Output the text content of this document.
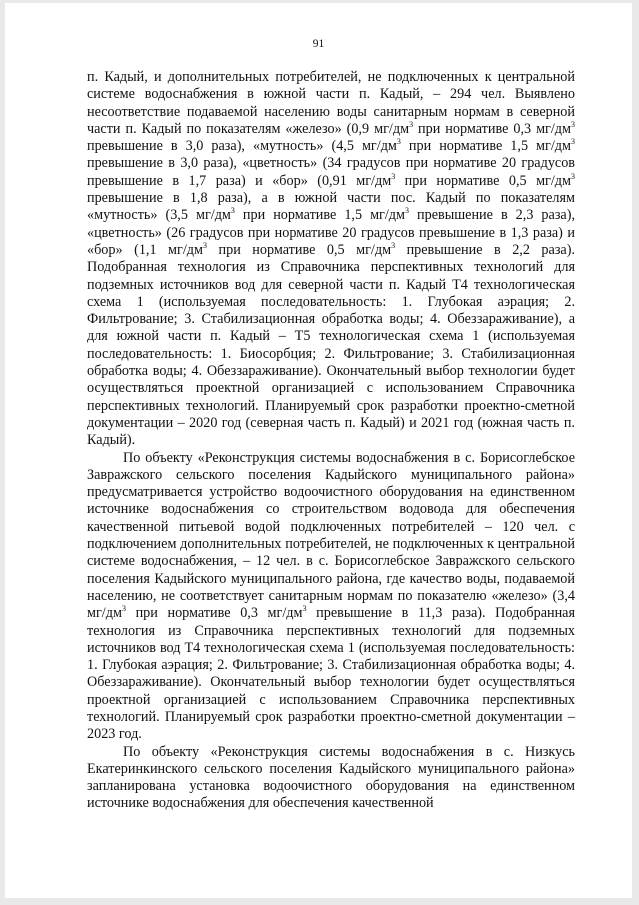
91

п. Кадый, и дополнительных потребителей, не подключенных к центральной системе водоснабжения в южной части п. Кадый, – 294 чел. Выявлено несоответствие подаваемой населению воды санитарным нормам в северной части п. Кадый по показателям «железо» (0,9 $мг/дм^3$ при нормативе 0,3 $мг/дм^3$ превышение в 3,0 раза), «мутность» (4,5 $мг/дм^3$ при нормативе 1,5 $мг/дм^3$ превышение в 3,0 раза), «цветность» (34 градусов при нормативе 20 градусов превышение в 1,7 раза) и «бор» (0,91 $мг/дм^3$ при нормативе 0,5 $мг/дм^3$ превышение в 1,8 раза), а в южной части пос. Кадый по показателям «мутность» (3,5 $мг/дм^3$ при нормативе 1,5 $мг/дм^3$ превышение в 2,3 раза), «цветность» (26 градусов при нормативе 20 градусов превышение в 1,3 раза) и «бор» (1,1 $мг/дм^3$ при нормативе 0,5 $мг/дм^3$ превышение в 2,2 раза). Подобранная технология из Справочника перспективных технологий для подземных источников вод для северной части п. Кадый Т4 технологическая схема 1 (используемая последовательность: 1. Глубокая аэрация; 2. Фильтрование; 3. Стабилизационная обработка воды; 4. Обеззараживание), а для южной части п. Кадый – Т5 технологическая схема 1 (используемая последовательность: 1. Биосорбция; 2. Фильтрование; 3. Стабилизационная обработка воды; 4. Обеззараживание). Окончательный выбор технологии будет осуществляться проектной организацией с использованием Справочника перспективных технологий. Планируемый срок разработки проектно-сметной документации – 2020 год (северная часть п. Кадый) и 2021 год (южная часть п. Кадый).

По объекту «Реконструкция системы водоснабжения в с. Борисоглебское Завражского сельского поселения Кадыйского муниципального района» предусматривается устройство водоочистного оборудования на единственном источнике водоснабжения со строительством водовода для обеспечения качественной питьевой водой подключенных потребителей – 120 чел. с подключением дополнительных потребителей, не подключенных к центральной системе водоснабжения, – 12 чел. в с. Борисоглебское Завражского сельского поселения Кадыйского муниципального района, где качество воды, подаваемой населению, не соответствует санитарным нормам по показателю «железо» (3,4 $мг/дм^3$ при нормативе 0,3 $мг/дм^3$ превышение в 11,3 раза). Подобранная технология из Справочника перспективных технологий для подземных источников вод Т4 технологическая схема 1 (используемая последовательность: 1. Глубокая аэрация; 2. Фильтрование; 3. Стабилизационная обработка воды; 4. Обеззараживание). Окончательный выбор технологии будет осуществляться проектной организацией с использованием Справочника перспективных технологий. Планируемый срок разработки проектно-сметной документации – 2023 год.

По объекту «Реконструкция системы водоснабжения в с. Низкусь Екатеринкинского сельского поселения Кадыйского муниципального района» запланирована установка водоочистного оборудования на единственном источнике водоснабжения для обеспечения качественной
